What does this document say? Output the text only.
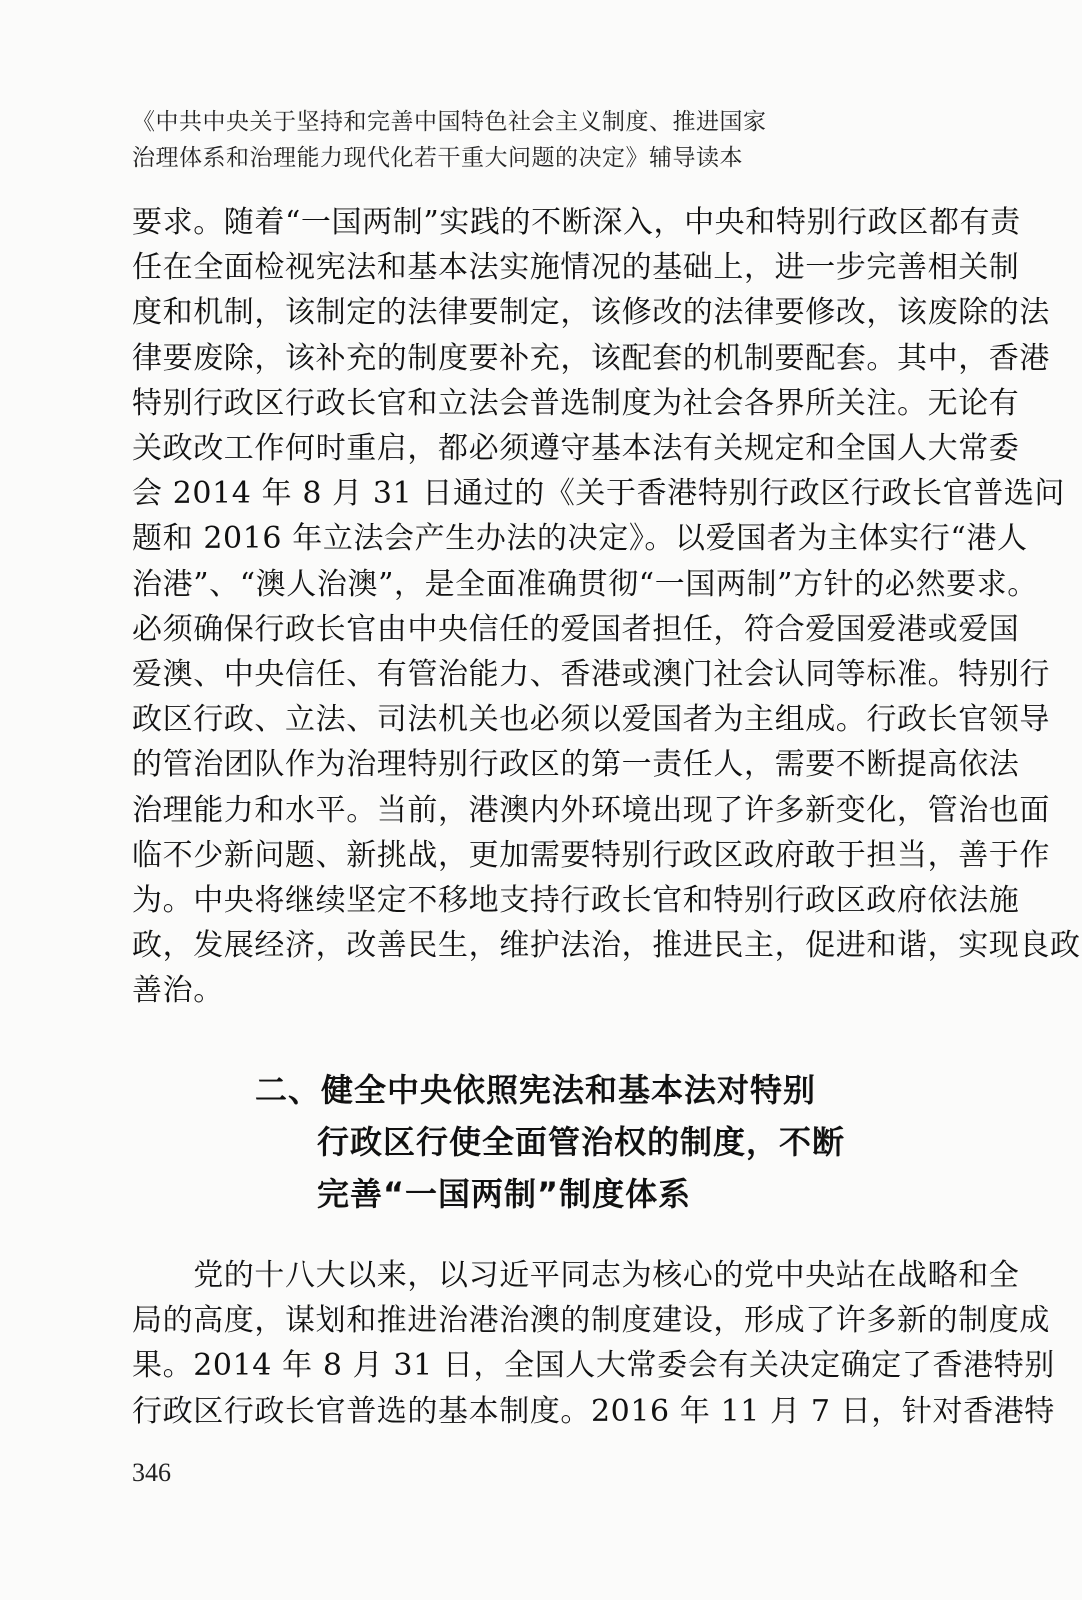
《中共中央关于坚持和完善中国特色社会主义制度、推进国家
治理体系和治理能力现代化若干重大问题的决定》辅导读本
要求。随着“一国两制”实践的不断深入，中央和特别行政区都有责
任在全面检视宪法和基本法实施情况的基础上，进一步完善相关制
度和机制，该制定的法律要制定，该修改的法律要修改，该废除的法
律要废除，该补充的制度要补充，该配套的机制要配套。其中，香港
特别行政区行政长官和立法会普选制度为社会各界所关注。无论有
关政改工作何时重启，都必须遵守基本法有关规定和全国人大常委
会 2014 年 8 月 31 日通过的《关于香港特别行政区行政长官普选问
题和 2016 年立法会产生办法的决定》。以爱国者为主体实行“港人
治港”、“澳人治澳”，是全面准确贯彻“一国两制”方针的必然要求。
必须确保行政长官由中央信任的爱国者担任，符合爱国爱港或爱国
爱澳、中央信任、有管治能力、香港或澳门社会认同等标准。特别行
政区行政、立法、司法机关也必须以爱国者为主组成。行政长官领导
的管治团队作为治理特别行政区的第一责任人，需要不断提高依法
治理能力和水平。当前，港澳内外环境出现了许多新变化，管治也面
临不少新问题、新挑战，更加需要特别行政区政府敢于担当，善于作
为。中央将继续坚定不移地支持行政长官和特别行政区政府依法施
政，发展经济，改善民生，维护法治，推进民主，促进和谐，实现良政
善治。
二、健全中央依照宪法和基本法对特别
行政区行使全面管治权的制度，不断
完善“一国两制”制度体系
　　党的十八大以来，以习近平同志为核心的党中央站在战略和全
局的高度，谋划和推进治港治澳的制度建设，形成了许多新的制度成
果。2014 年 8 月 31 日，全国人大常委会有关决定确定了香港特别
行政区行政长官普选的基本制度。2016 年 11 月 7 日，针对香港特
346
